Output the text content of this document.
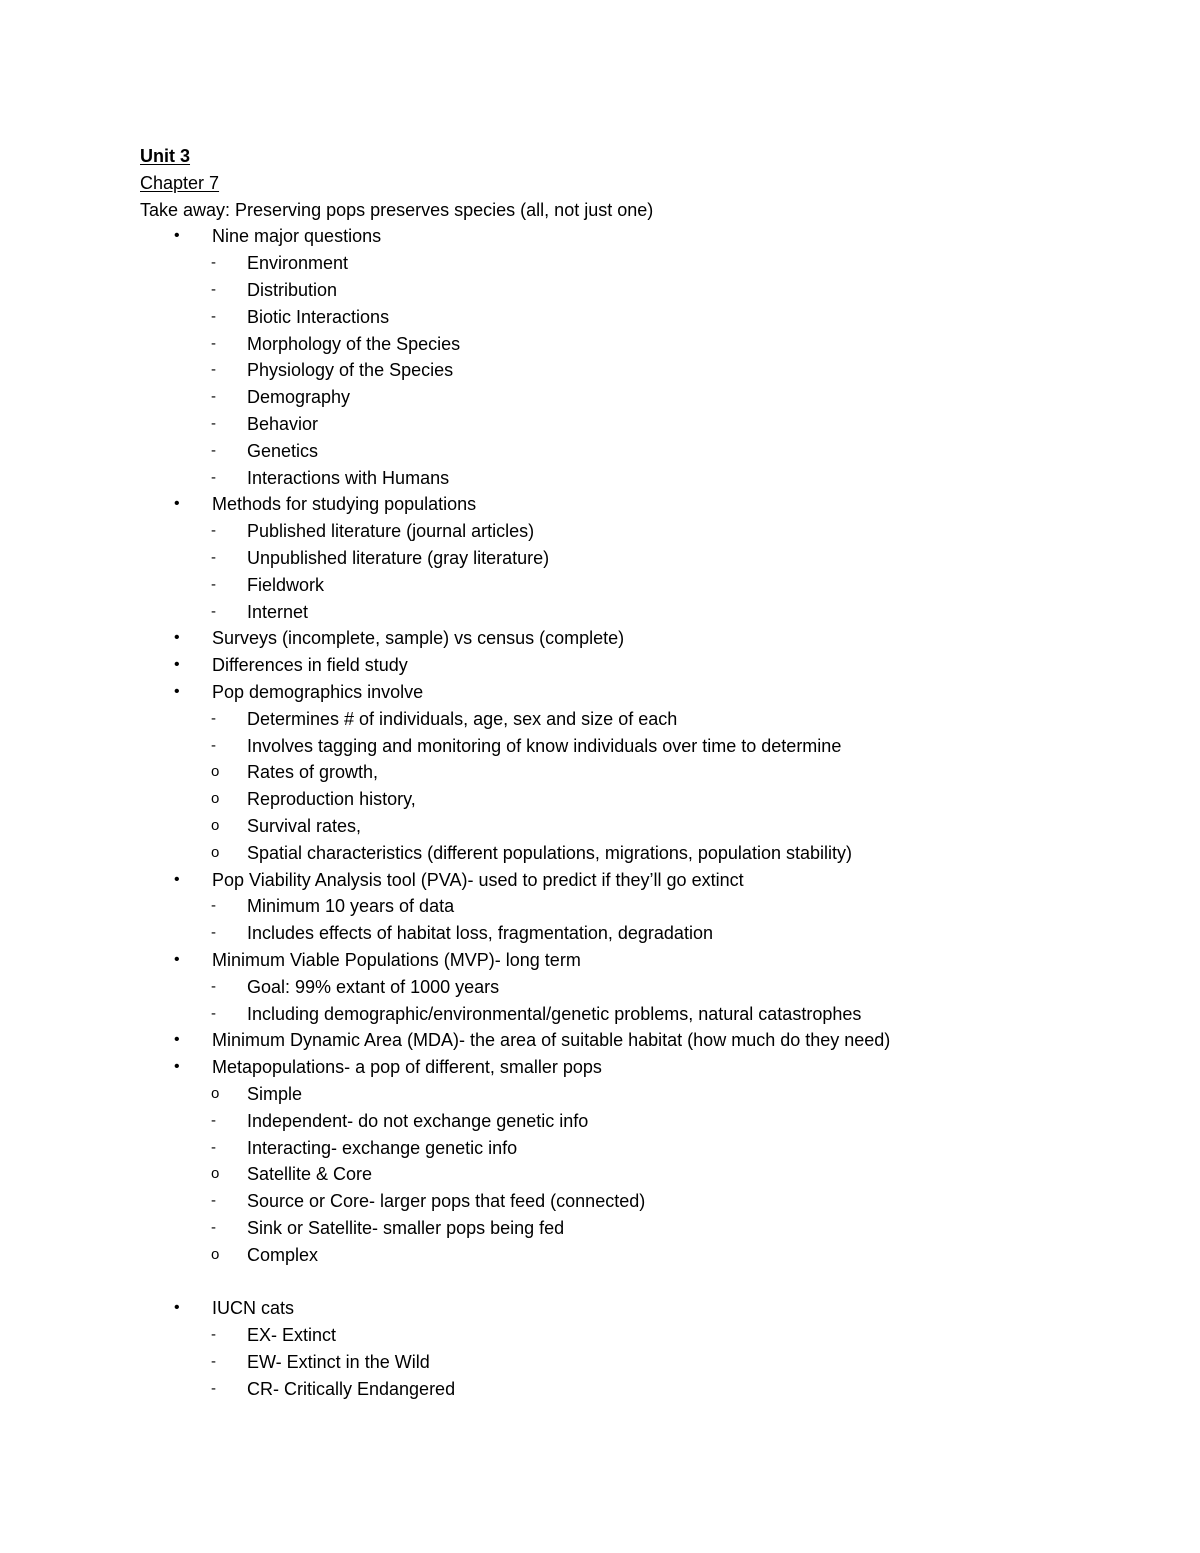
Unit 3
Chapter 7
Take away: Preserving pops preserves species (all, not just one)
• Nine major questions
- Environment
- Distribution
- Biotic Interactions
- Morphology of the Species
- Physiology of the Species
- Demography
- Behavior
- Genetics
- Interactions with Humans
• Methods for studying populations
- Published literature (journal articles)
- Unpublished literature (gray literature)
- Fieldwork
- Internet
• Surveys (incomplete, sample) vs census (complete)
• Differences in field study
• Pop demographics involve
- Determines # of individuals, age, sex and size of each
- Involves tagging and monitoring of know individuals over time to determine
o Rates of growth,
o Reproduction history,
o Survival rates,
o Spatial characteristics (different populations, migrations, population stability)
• Pop Viability Analysis tool (PVA)- used to predict if they’ll go extinct
- Minimum 10 years of data
- Includes effects of habitat loss, fragmentation, degradation
• Minimum Viable Populations (MVP)- long term
- Goal: 99% extant of 1000 years
- Including demographic/environmental/genetic problems, natural catastrophes
• Minimum Dynamic Area (MDA)- the area of suitable habitat (how much do they need)
• Metapopulations- a pop of different, smaller pops
o Simple
- Independent- do not exchange genetic info
- Interacting- exchange genetic info
o Satellite & Core
- Source or Core- larger pops that feed (connected)
- Sink or Satellite- smaller pops being fed
o Complex
• IUCN cats
- EX- Extinct
- EW- Extinct in the Wild
- CR- Critically Endangered
